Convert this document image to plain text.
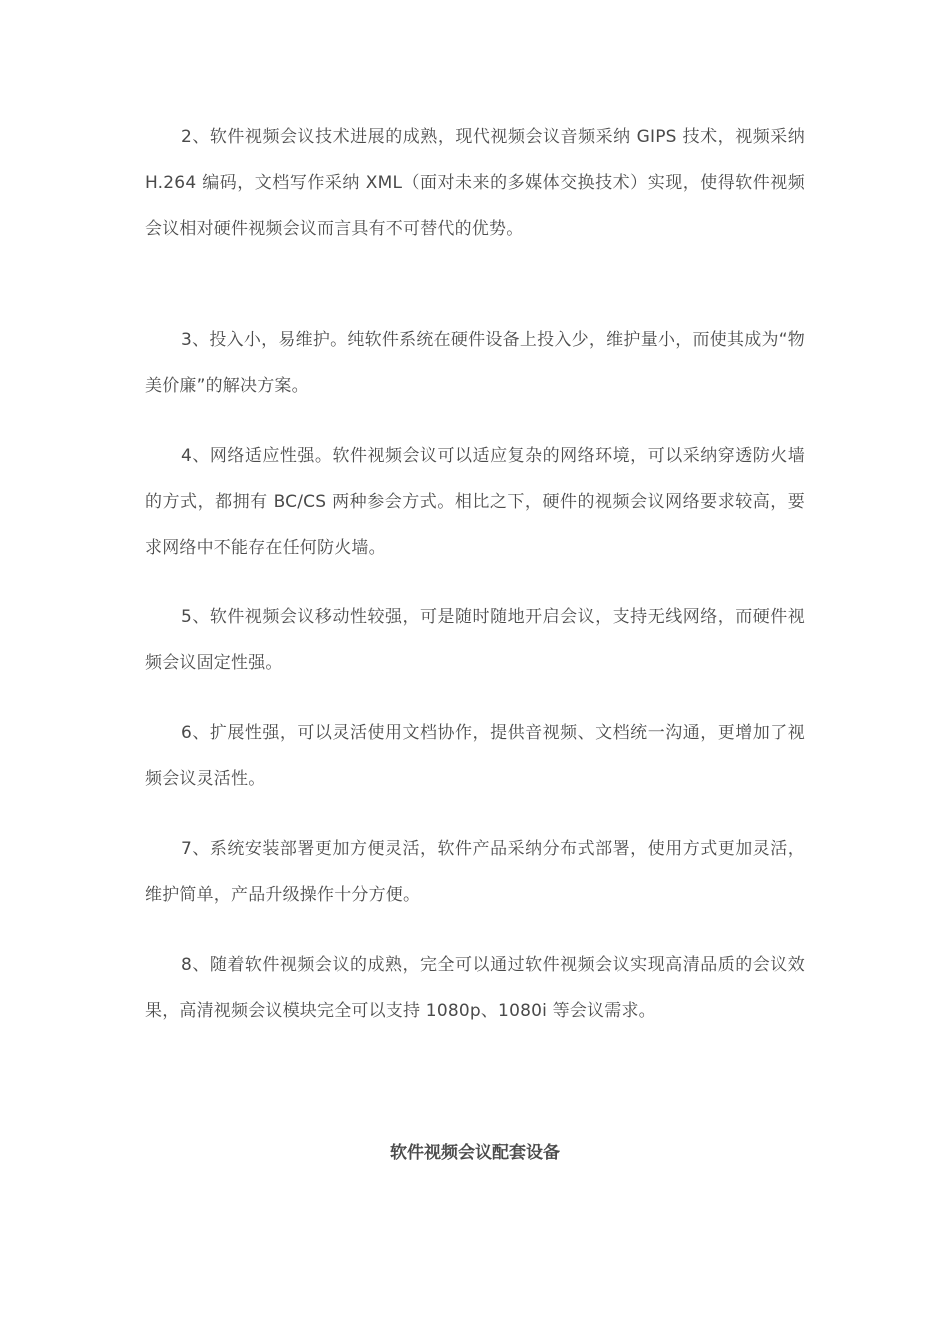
2、软件视频会议技术进展的成熟，现代视频会议音频采纳 GIPS 技术，视频采纳 H.264 编码，文档写作采纳 XML（面对未来的多媒体交换技术）实现，使得软件视频会议相对硬件视频会议而言具有不可替代的优势。

3、投入小，易维护。纯软件系统在硬件设备上投入少，维护量小，而使其成为“物美价廉”的解决方案。

4、网络适应性强。软件视频会议可以适应复杂的网络环境，可以采纳穿透防火墙的方式，都拥有 BC/CS 两种参会方式。相比之下，硬件的视频会议网络要求较高，要求网络中不能存在任何防火墙。

5、软件视频会议移动性较强，可是随时随地开启会议，支持无线网络，而硬件视频会议固定性强。

6、扩展性强，可以灵活使用文档协作，提供音视频、文档统一沟通，更增加了视频会议灵活性。

7、系统安装部署更加方便灵活，软件产品采纳分布式部署，使用方式更加灵活，维护简单，产品升级操作十分方便。

8、随着软件视频会议的成熟，完全可以通过软件视频会议实现高清品质的会议效果，高清视频会议模块完全可以支持 1080p、1080i 等会议需求。

软件视频会议配套设备
